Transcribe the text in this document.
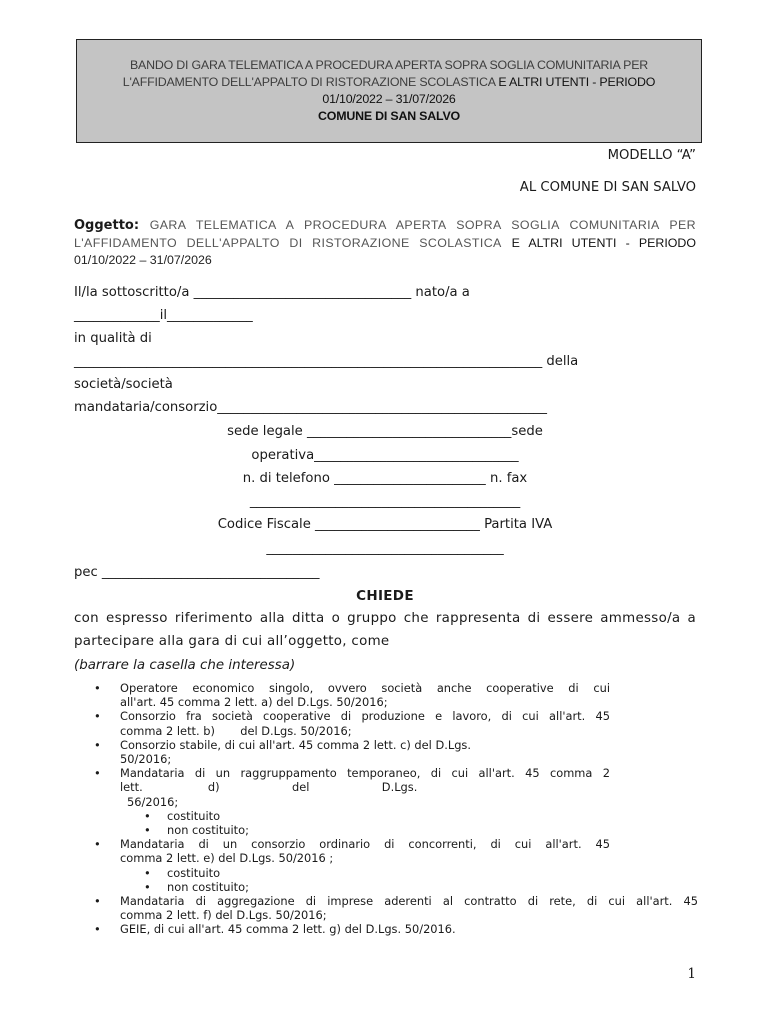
BANDO DI GARA TELEMATICA A PROCEDURA APERTA SOPRA SOGLIA COMUNITARIA PER
L'AFFIDAMENTO DELL'APPALTO DI RISTORAZIONE SCOLASTICA E ALTRI UTENTI - PERIODO
01/10/2022 – 31/07/2026
COMUNE DI SAN SALVO
MODELLO “A”
AL COMUNE DI SAN SALVO
Oggetto: GARA TELEMATICA A PROCEDURA APERTA SOPRA SOGLIA COMUNITARIA PER
L'AFFIDAMENTO DELL'APPALTO DI RISTORAZIONE SCOLASTICA E ALTRI UTENTI - PERIODO
01/10/2022 – 31/07/2026
Il/la sottoscritto/a _________________________________ nato/a a
_____________il_____________
in qualità di
_______________________________________________________________________ della
società/società
mandataria/consorzio__________________________________________________
sede legale _______________________________sede
operativa_______________________________
n. di telefono _______________________ n. fax
_________________________________________
Codice Fiscale _________________________ Partita IVA
____________________________________
pec _________________________________
CHIEDE
con espresso riferimento alla ditta o gruppo che rappresenta di essere ammesso/a a
partecipare alla gara di cui all’oggetto, come
(barrare la casella che interessa)
• Operatore economico singolo, ovvero società anche cooperative di cui
all'art. 45 comma 2 lett. a) del D.Lgs. 50/2016;
• Consorzio fra società cooperative di produzione e lavoro, di cui all'art. 45
comma 2 lett. b)       del D.Lgs. 50/2016;
• Consorzio stabile, di cui all'art. 45 comma 2 lett. c) del D.Lgs.
50/2016;
• Mandataria di un raggruppamento temporaneo, di cui all'art. 45 comma 2
lett.                  d)                    del                    D.Lgs.
56/2016;
• costituito
• non costituito;
• Mandataria di un consorzio ordinario di concorrenti, di cui all'art. 45
comma 2 lett. e) del D.Lgs. 50/2016 ;
• costituito
• non costituito;
• Mandataria di aggregazione di imprese aderenti al contratto di rete, di cui all'art. 45
comma 2 lett. f) del D.Lgs. 50/2016;
• GEIE, di cui all'art. 45 comma 2 lett. g) del D.Lgs. 50/2016.
1
